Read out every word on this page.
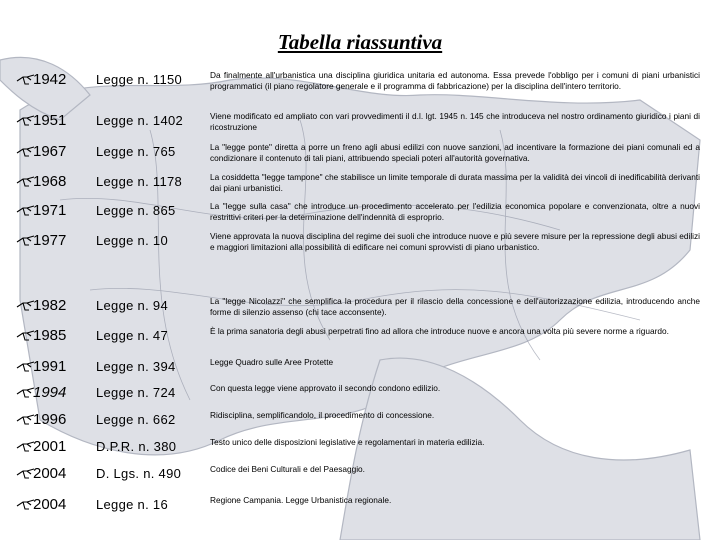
Tabella riassuntiva
1942 Legge n. 1150	Da finalmente all'urbanistica una disciplina giuridica unitaria ed autonoma. Essa prevede l'obbligo per i comuni di piani urbanistici programmatici (il piano regolatore generale e il programma di fabbricazione) per la disciplina dell'intero territorio.
1951 Legge n. 1402	Viene modificato ed ampliato con vari provvedimenti il d.l. lgt. 1945 n. 145 che introduceva nel nostro ordinamento giuridico i piani di ricostruzione
1967 Legge n. 765	La "legge ponte" diretta a porre un freno agli abusi edilizi con nuove sanzioni, ad incentivare la formazione dei piani comunali ed a condizionare il contenuto di tali piani, attribuendo speciali poteri all'autorità governativa.
1968 Legge n. 1178	La cosiddetta "legge tampone" che stabilisce un limite temporale di durata massima per la validità dei vincoli di inedificabilità derivanti dai piani urbanistici.
1971 Legge n. 865	La "legge sulla casa" che introduce un procedimento accelerato per l'edilizia economica popolare e convenzionata, oltre a nuovi restrittivi criteri per la determinazione dell'indennità di esproprio.
1977 Legge n. 10	Viene approvata la nuova disciplina del regime dei suoli che introduce nuove e più severe misure per la repressione degli abusi edilizi e maggiori limitazioni alla possibilità di edificare nei comuni sprovvisti di piano urbanistico.
1982 Legge n. 94	La "legge Nicolazzi" che semplifica la procedura per il rilascio della concessione e dell'autorizzazione edilizia, introducendo anche forme di silenzio assenso (chi tace acconsente).
1985 Legge n. 47	È la prima sanatoria degli abusi perpetrati fino ad allora che introduce nuove e ancora una volta più severe norme a riguardo.
1991 Legge n. 394	Legge Quadro sulle Aree Protette
1994 Legge n. 724	Con questa legge viene approvato il secondo condono edilizio.
1996 Legge n. 662	Ridisciplina, semplificandolo, il procedimento di concessione.
2001 D.P.R. n. 380	Testo unico delle disposizioni legislative e regolamentari in materia edilizia.
2004 D. Lgs. n. 490	Codice dei Beni Culturali e del Paesaggio.
2004 Legge n. 16	Regione Campania. Legge Urbanistica regionale.
